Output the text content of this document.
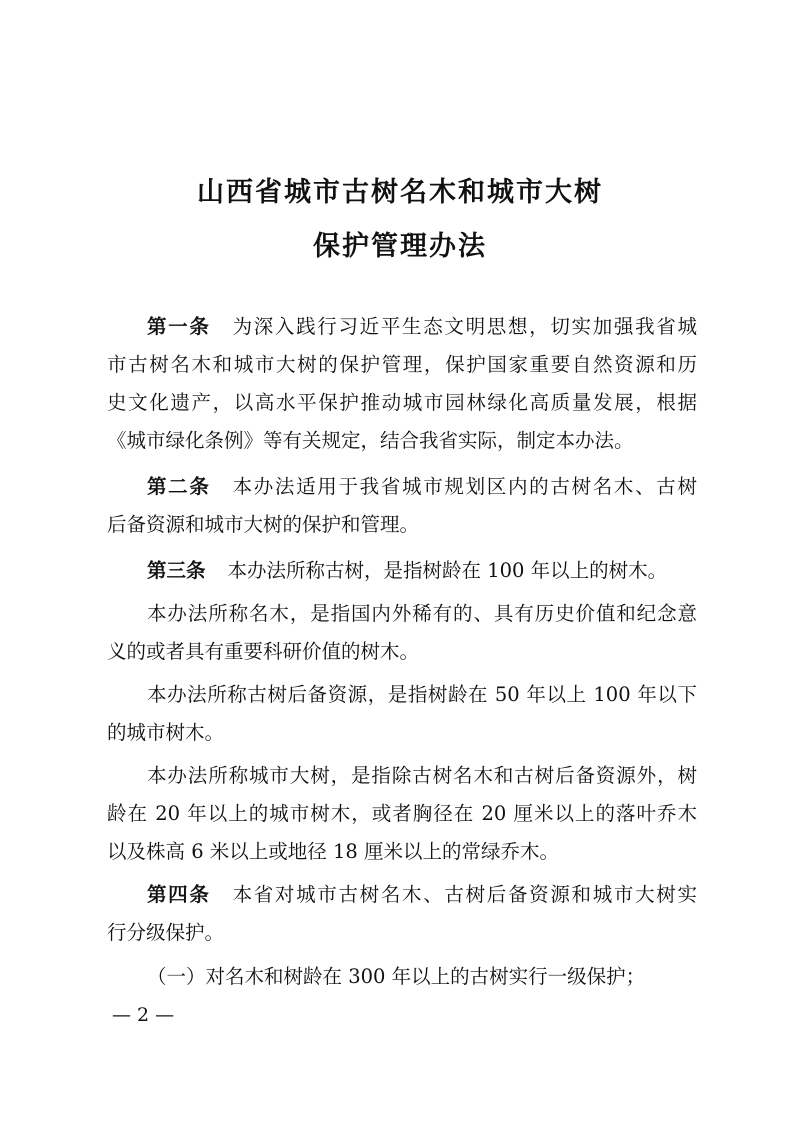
山西省城市古树名木和城市大树
保护管理办法
第一条 为深入践行习近平生态文明思想，切实加强我省城
市古树名木和城市大树的保护管理，保护国家重要自然资源和历
史文化遗产，以高水平保护推动城市园林绿化高质量发展，根据
《城市绿化条例》等有关规定，结合我省实际，制定本办法。
第二条 本办法适用于我省城市规划区内的古树名木、古树
后备资源和城市大树的保护和管理。
第三条 本办法所称古树，是指树龄在 100 年以上的树木。
本办法所称名木，是指国内外稀有的、具有历史价值和纪念意
义的或者具有重要科研价值的树木。
本办法所称古树后备资源，是指树龄在 50 年以上 100 年以下
的城市树木。
本办法所称城市大树，是指除古树名木和古树后备资源外，树
龄在 20 年以上的城市树木，或者胸径在 20 厘米以上的落叶乔木
以及株高 6 米以上或地径 18 厘米以上的常绿乔木。
第四条 本省对城市古树名木、古树后备资源和城市大树实
行分级保护。
（一）对名木和树龄在 300 年以上的古树实行一级保护；
— 2 —
